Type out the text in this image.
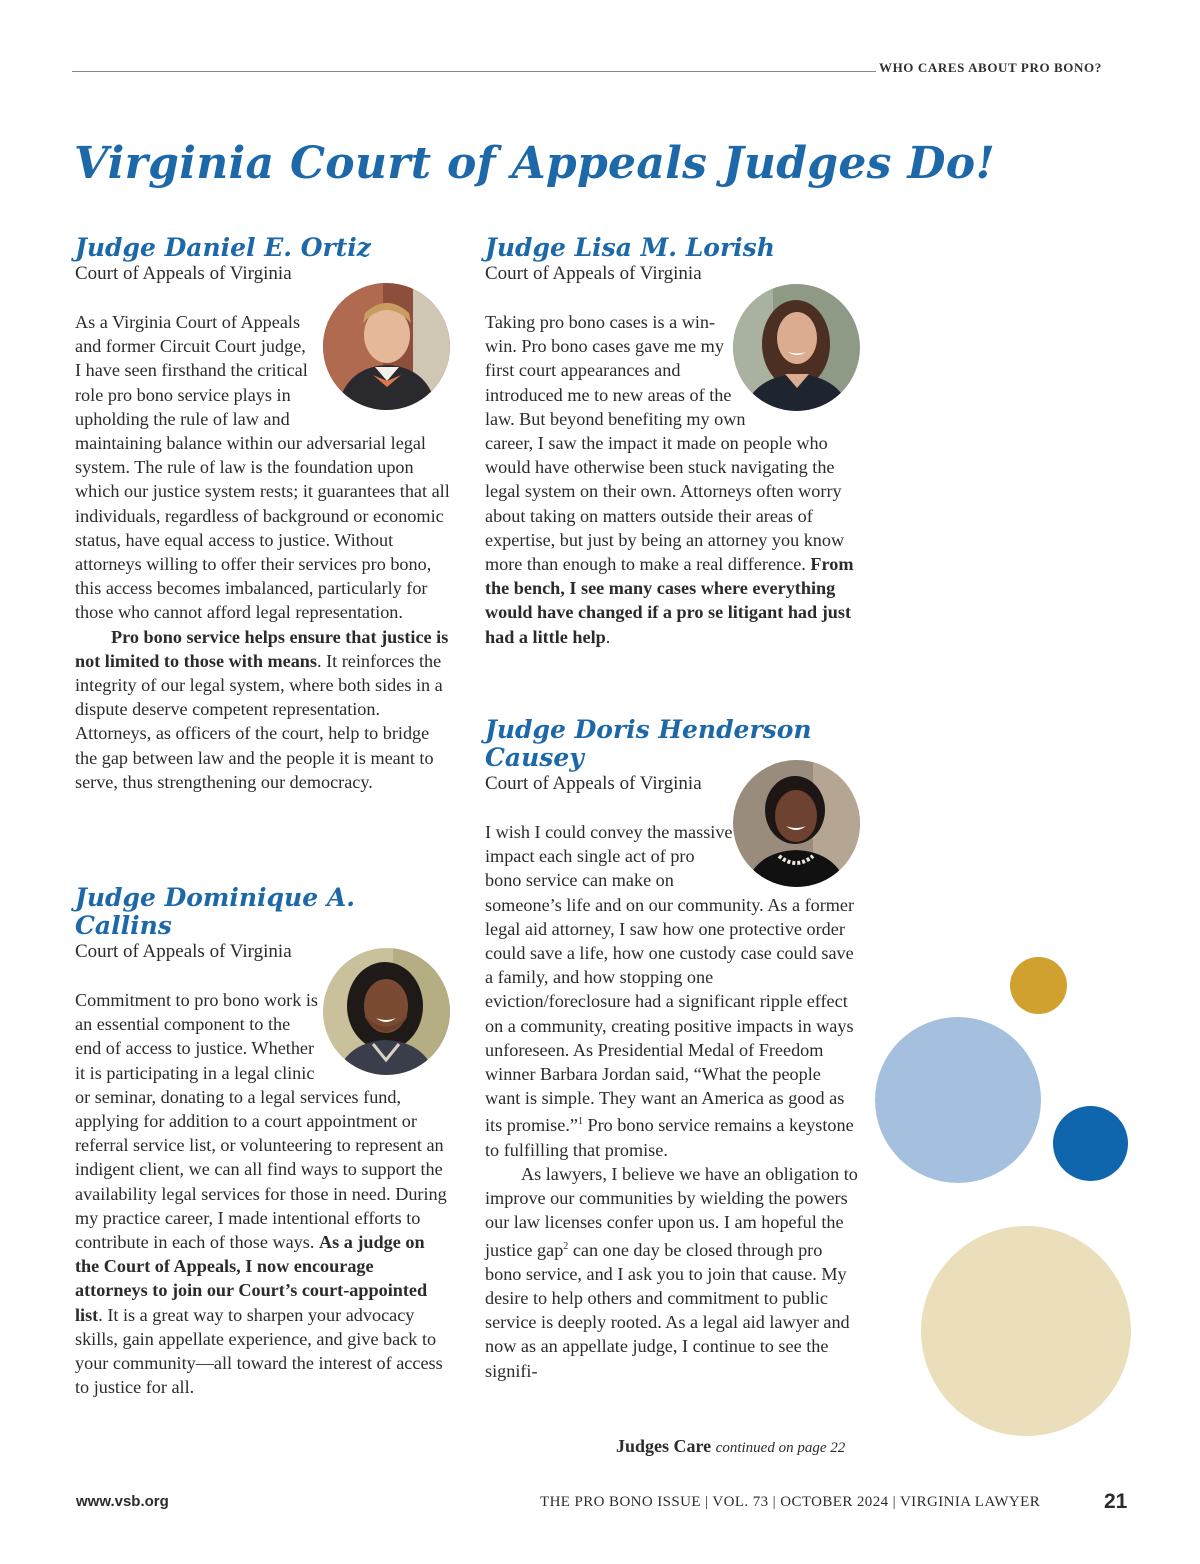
WHO CARES ABOUT PRO BONO?
Virginia Court of Appeals Judges Do!
Judge Daniel E. Ortiz
Court of Appeals of Virginia

As a Virginia Court of Appeals and former Circuit Court judge, I have seen firsthand the critical role pro bono service plays in upholding the rule of law and maintaining balance within our adversarial legal system. The rule of law is the foundation upon which our justice system rests; it guarantees that all individuals, regardless of background or economic status, have equal access to justice. Without attorneys willing to offer their services pro bono, this access becomes imbalanced, particularly for those who cannot afford legal representation.

Pro bono service helps ensure that justice is not limited to those with means. It reinforces the integrity of our legal system, where both sides in a dispute deserve competent representation. Attorneys, as officers of the court, help to bridge the gap between law and the people it is meant to serve, thus strengthening our democracy.

Judge Dominique A.
Callins
Court of Appeals of Virginia

Commitment to pro bono work is an essential component to the end of access to justice. Whether it is participating in a legal clinic or seminar, donating to a legal services fund, applying for addition to a court appointment or referral service list, or volunteering to represent an indigent client, we can all find ways to support the availability legal services for those in need. During my practice career, I made intentional efforts to contribute in each of those ways. As a judge on the Court of Appeals, I now encourage attorneys to join our Court’s court-appointed list. It is a great way to sharpen your advocacy skills, gain appellate experience, and give back to your community—all toward the interest of access to justice for all.

Judge Lisa M. Lorish
Court of Appeals of Virginia

Taking pro bono cases is a win-win. Pro bono cases gave me my first court appearances and introduced me to new areas of the law. But beyond benefiting my own career, I saw the impact it made on people who would have otherwise been stuck navigating the legal system on their own. Attorneys often worry about taking on matters outside their areas of expertise, but just by being an attorney you know more than enough to make a real difference. From the bench, I see many cases where everything would have changed if a pro se litigant had just had a little help.

Judge Doris Henderson
Causey
Court of Appeals of Virginia

I wish I could convey the massive impact each single act of pro bono service can make on someone’s life and on our community. As a former legal aid attorney, I saw how one protective order could save a life, how one custody case could save a family, and how stopping one eviction/foreclosure had a significant ripple effect on a community, creating positive impacts in ways unforeseen. As Presidential Medal of Freedom winner Barbara Jordan said, “What the people want is simple. They want an America as good as its promise.”$^1$ Pro bono service remains a keystone to fulfilling that promise.

As lawyers, I believe we have an obligation to improve our communities by wielding the powers our law licenses confer upon us. I am hopeful the justice gap$^2$ can one day be closed through pro bono service, and I ask you to join that cause. My desire to help others and commitment to public service is deeply rooted. As a legal aid lawyer and now as an appellate judge, I continue to see the signifi-

Judges Care continued on page 22
www.vsb.org	THE PRO BONO ISSUE | VOL. 73 | OCTOBER 2024 | VIRGINIA LAWYER	21
